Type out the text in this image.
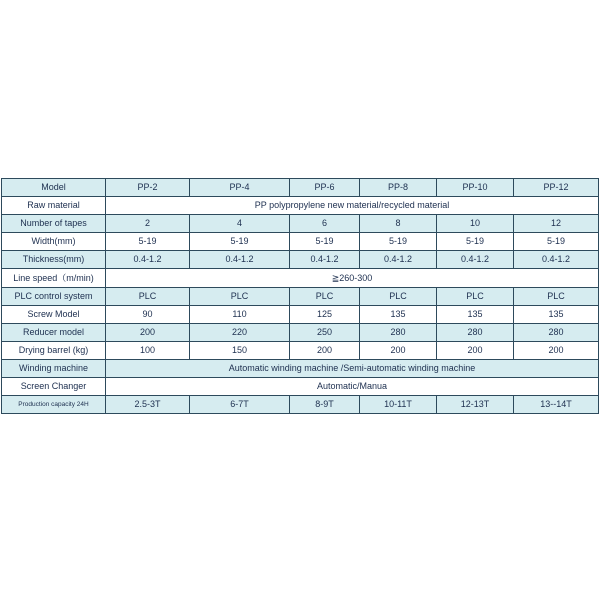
Model	PP-2	PP-4	PP-6	PP-8	PP-10	PP-12
Raw material	PP polypropylene new material/recycled material					
Number of tapes	2	4	6	8	10	12
Width(mm)	5-19	5-19	5-19	5-19	5-19	5-19
Thickness(mm)	0.4-1.2	0.4-1.2	0.4-1.2	0.4-1.2	0.4-1.2	0.4-1.2
Line speed（m/min)	≧260-300					
PLC control system	PLC	PLC	PLC	PLC	PLC	PLC
Screw Model	90	110	125	135	135	135
Reducer model	200	220	250	280	280	280
Drying barrel (kg)	100	150	200	200	200	200
Winding machine	Automatic winding machine /Semi-automatic winding machine					
Screen Changer	Automatic/Manua					
Production capacity 24H	2.5-3T	6-7T	8-9T	10-11T	12-13T	13--14T
